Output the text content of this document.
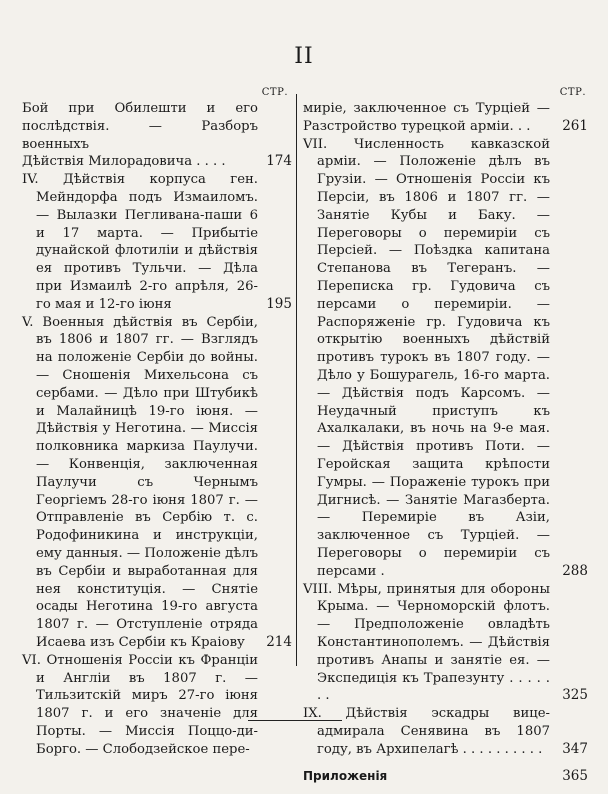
II
СТР.
Бой при Обилешти и его послѣдствія. — Разборъ военныхъ
Дѣйствія Милорадовича . . . .	174
IV. Дѣйствія корпуса ген. Мейндорфа подъ Измаиломъ. — Вылазки Пегливана-паши 6 и 17 марта. — Прибытіе дунайской флотиліи и дѣйствія ея противъ Тульчи. — Дѣла при Измаилѣ 2-го апрѣля, 26-го мая и 12-го іюня	195
V. Военныя дѣйствія въ Сербіи, въ 1806 и 1807 гг. — Взглядъ на положеніе Сербіи до войны. — Сношенія Михельсона съ сербами. — Дѣло при Штубикѣ и Малайницѣ 19-го іюня. — Дѣйствія у Неготина. — Миссія полковника маркиза Паулучи. — Конвенція, заключенная Паулучи съ Чернымъ Георгіемъ 28-го іюня 1807 г. — Отправленіе въ Сербію т. с. Родофиникина и инструкціи, ему данныя. — Положеніе дѣлъ въ Сербіи и выработанная для нея конституція. — Снятіе осады Неготина 19-го августа 1807 г. — Отступленіе отряда Исаева изъ Сербіи къ Краіову	214
VI. Отношенія Россіи къ Франціи и Англіи въ 1807 г. — Тильзитскій миръ 27-го іюня 1807 г. и его значеніе для Порты. — Миссія Поццо-ди-Борго. — Слободзейское пере-
СТР.
миріе, заключенное съ Турціей — Разстройство турецкой арміи. . .	261
VII. Численность кавказской арміи. — Положеніе дѣлъ въ Грузіи. — Отношенія Россіи къ Персіи, въ 1806 и 1807 гг. — Занятіе Кубы и Баку. — Переговоры о перемиріи съ Персіей. — Поѣздка капитана Степанова въ Тегеранъ. — Переписка гр. Гудовича съ персами о перемиріи. — Распоряженіе гр. Гудовича къ открытію военныхъ дѣйствій противъ турокъ въ 1807 году. — Дѣло у Бошурагель, 16-го марта. — Дѣйствія подъ Карсомъ. — Неудачный приступъ къ Ахалкалаки, въ ночь на 9-е мая. — Дѣйствія противъ Поти. — Геройская защита крѣпости Гумры. — Пораженіе турокъ при Дигнисѣ. — Занятіе Магазберта. — Перемиріе въ Азіи, заключенное съ Турціей. — Переговоры о перемиріи съ персами .	288
VIII. Мѣры, принятыя для обороны Крыма. — Черноморскій флотъ. — Предположеніе овладѣть Константинополемъ. — Дѣйствія противъ Анапы и занятіе ея. — Экспедиція къ Трапезунту . . . . . . .	325
IX. Дѣйствія эскадры вице-адмирала Сенявина въ 1807 году, въ Архипелагѣ . . . . . . . . . .	347
Приложенія	365
